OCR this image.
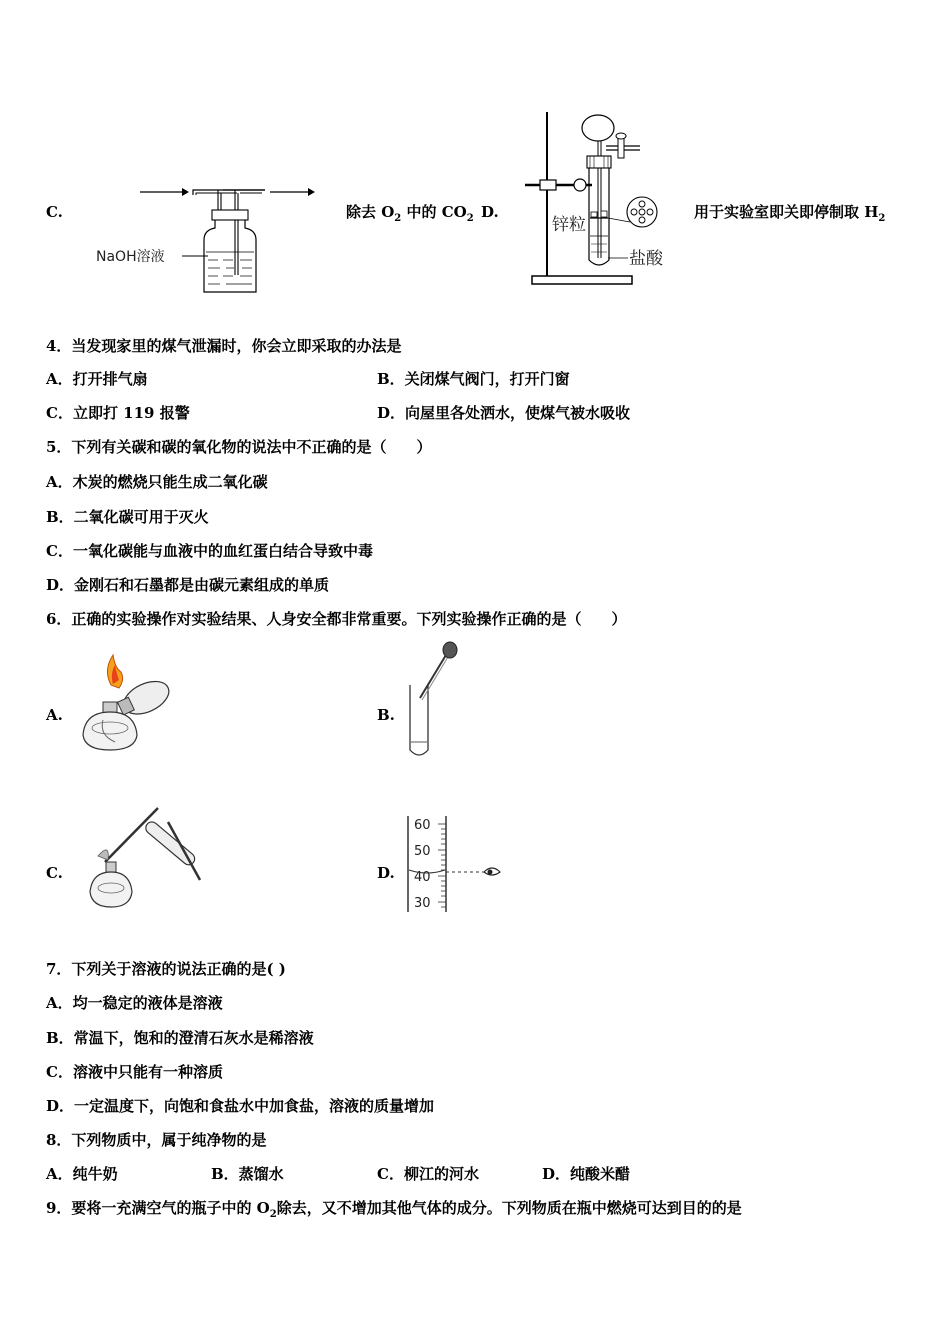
C.
NaOH溶液
除去 $O_2$ 中的 $CO_2$ D.
锌粒
盐酸
用于实验室即关即停制取 $H_2$
4．当发现家里的煤气泄漏时，你会立即采取的办法是
A．打开排气扇	B．关闭煤气阀门，打开门窗
C．立即打 119 报警	D．向屋里各处洒水，使煤气被水吸收
5．下列有关碳和碳的氧化物的说法中不正确的是（　　）
A．木炭的燃烧只能生成二氧化碳
B．二氧化碳可用于灭火
C．一氧化碳能与血液中的血红蛋白结合导致中毒
D．金刚石和石墨都是由碳元素组成的单质
6．正确的实验操作对实验结果、人身安全都非常重要。下列实验操作正确的是（　　）
A.	B.
C.	D.
60
50
40
30
7．下列关于溶液的说法正确的是( )
A．均一稳定的液体是溶液
B．常温下，饱和的澄清石灰水是稀溶液
C．溶液中只能有一种溶质
D．一定温度下，向饱和食盐水中加食盐，溶液的质量增加
8．下列物质中，属于纯净物的是
A．纯牛奶	B．蒸馏水	C．柳江的河水	D．纯酸米醋
9．要将一充满空气的瓶子中的 $O_2$除去，又不增加其他气体的成分。下列物质在瓶中燃烧可达到目的的是
